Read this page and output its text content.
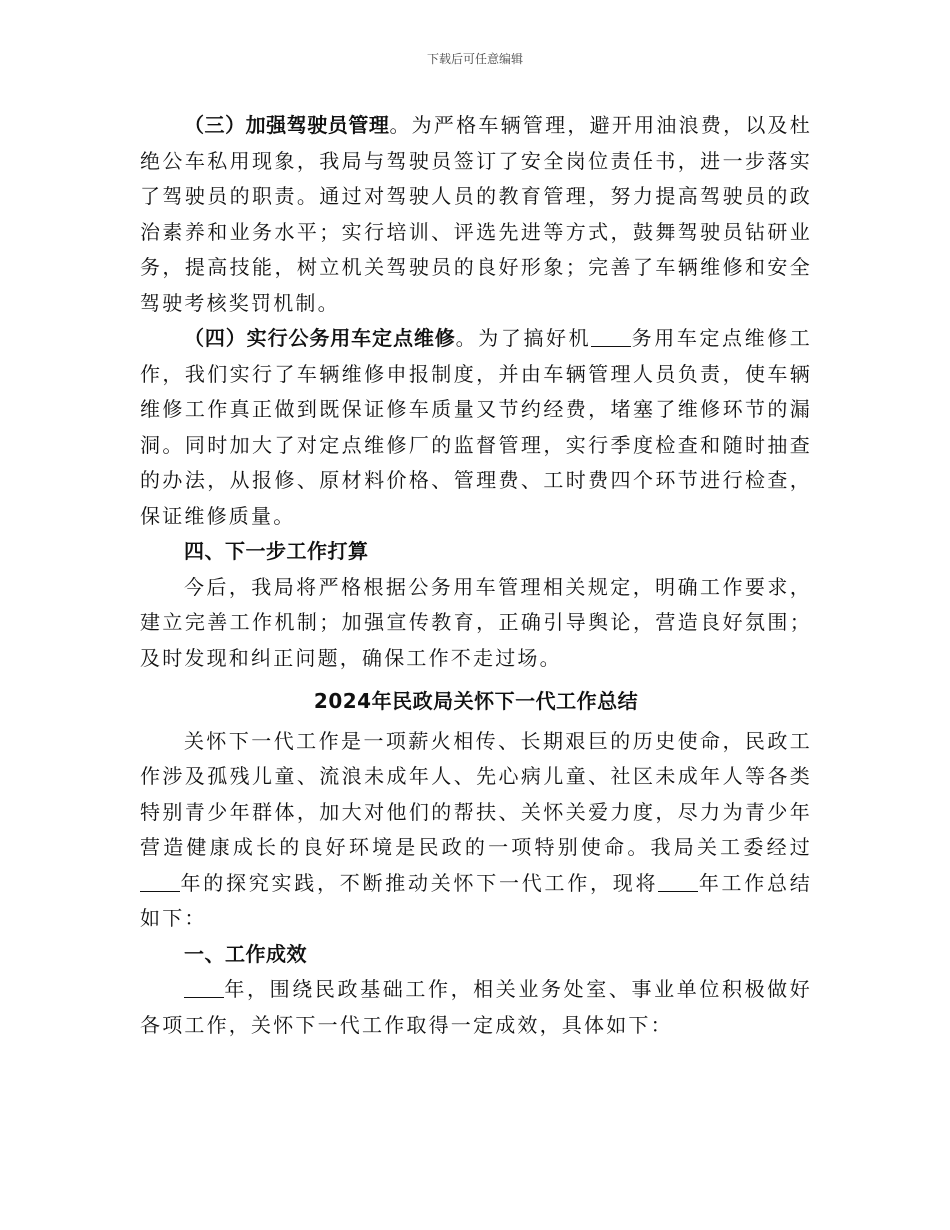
下载后可任意编辑

（三）加强驾驶员管理。为严格车辆管理，避开用油浪费，以及杜绝公车私用现象，我局与驾驶员签订了安全岗位责任书，进一步落实了驾驶员的职责。通过对驾驶人员的教育管理，努力提高驾驶员的政治素养和业务水平；实行培训、评选先进等方式，鼓舞驾驶员钻研业务，提高技能，树立机关驾驶员的良好形象；完善了车辆维修和安全驾驶考核奖罚机制。

（四）实行公务用车定点维修。为了搞好机 务用车定点维修工作，我们实行了车辆维修申报制度，并由车辆管理人员负责，使车辆维修工作真正做到既保证修车质量又节约经费，堵塞了维修环节的漏洞。同时加大了对定点维修厂的监督管理，实行季度检查和随时抽查的办法，从报修、原材料价格、管理费、工时费四个环节进行检查，保证维修质量。

四、下一步工作打算

今后，我局将严格根据公务用车管理相关规定，明确工作要求，建立完善工作机制；加强宣传教育，正确引导舆论，营造良好氛围；及时发现和纠正问题，确保工作不走过场。

2024年民政局关怀下一代工作总结

关怀下一代工作是一项薪火相传、长期艰巨的历史使命，民政工作涉及孤残儿童、流浪未成年人、先心病儿童、社区未成年人等各类特别青少年群体，加大对他们的帮扶、关怀关爱力度，尽力为青少年营造健康成长的良好环境是民政的一项特别使命。我局关工委经过年的探究实践，不断推动关怀下一代工作，现将 年工作总结如下：

一、工作成效

年，围绕民政基础工作，相关业务处室、事业单位积极做好各项工作，关怀下一代工作取得一定成效，具体如下：
